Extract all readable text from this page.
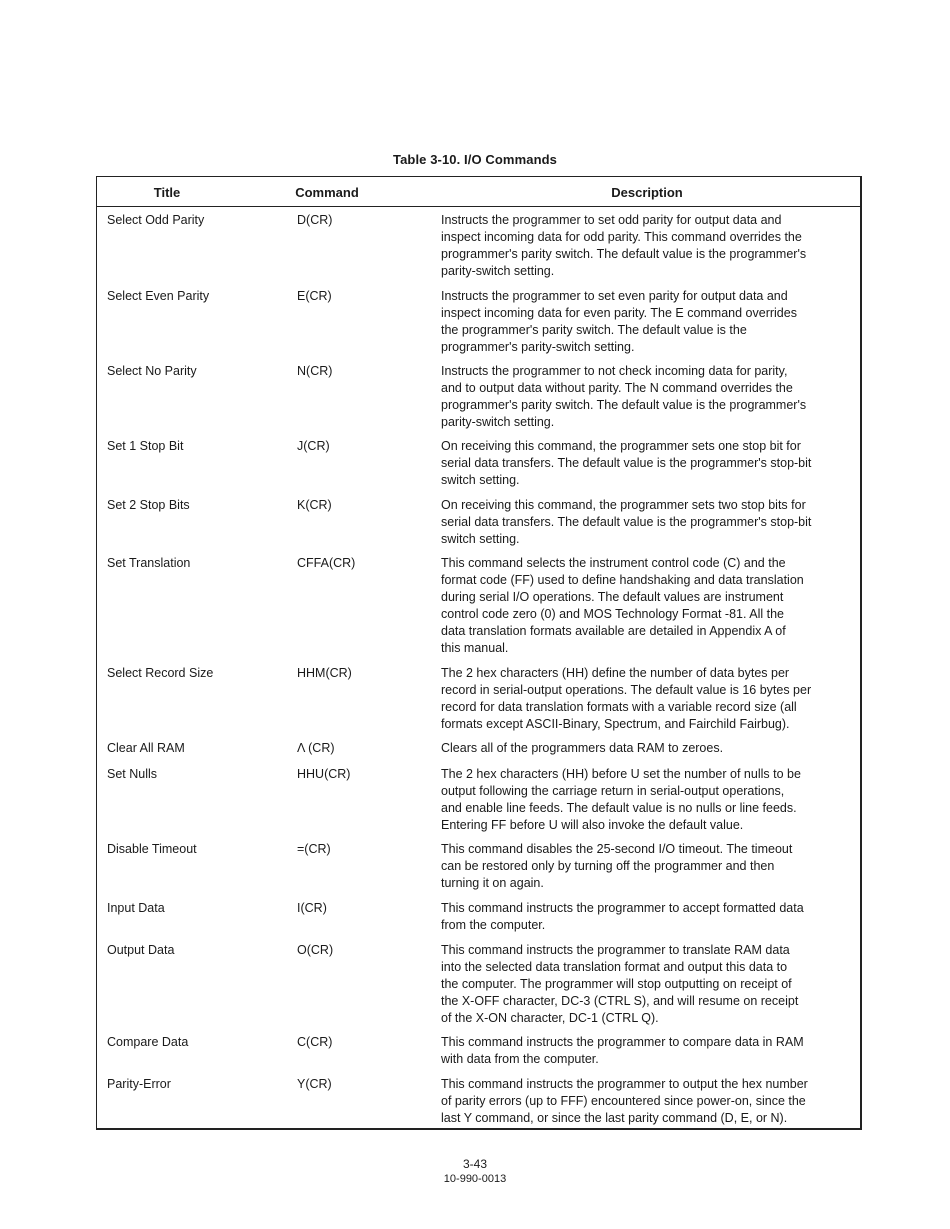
Table 3-10. I/O Commands
Title	Command	Description
Select Odd Parity	D(CR)	Instructs the programmer to set odd parity for output data and
inspect incoming data for odd parity. This command overrides the
programmer's parity switch. The default value is the programmer's
parity-switch setting.
Select Even Parity	E(CR)	Instructs the programmer to set even parity for output data and
inspect incoming data for even parity. The E command overrides
the programmer's parity switch. The default value is the
programmer's parity-switch setting.
Select No Parity	N(CR)	Instructs the programmer to not check incoming data for parity,
and to output data without parity. The N command overrides the
programmer's parity switch. The default value is the programmer's
parity-switch setting.
Set 1 Stop Bit	J(CR)	On receiving this command, the programmer sets one stop bit for
serial data transfers. The default value is the programmer's stop-bit
switch setting.
Set 2 Stop Bits	K(CR)	On receiving this command, the programmer sets two stop bits for
serial data transfers. The default value is the programmer's stop-bit
switch setting.
Set Translation	CFFA(CR)	This command selects the instrument control code (C) and the
format code (FF) used to define handshaking and data translation
during serial I/O operations. The default values are instrument
control code zero (0) and MOS Technology Format -81. All the
data translation formats available are detailed in Appendix A of
this manual.
Select Record Size	HHM(CR)	The 2 hex characters (HH) define the number of data bytes per
record in serial-output operations. The default value is 16 bytes per
record for data translation formats with a variable record size (all
formats except ASCII-Binary, Spectrum, and Fairchild Fairbug).
Clear All RAM	Λ (CR)	Clears all of the programmers data RAM to zeroes.
Set Nulls	HHU(CR)	The 2 hex characters (HH) before U set the number of nulls to be
output following the carriage return in serial-output operations,
and enable line feeds. The default value is no nulls or line feeds.
Entering FF before U will also invoke the default value.
Disable Timeout	=(CR)	This command disables the 25-second I/O timeout. The timeout
can be restored only by turning off the programmer and then
turning it on again.
Input Data	I(CR)	This command instructs the programmer to accept formatted data
from the computer.
Output Data	O(CR)	This command instructs the programmer to translate RAM data
into the selected data translation format and output this data to
the computer. The programmer will stop outputting on receipt of
the X-OFF character, DC-3 (CTRL S), and will resume on receipt
of the X-ON character, DC-1 (CTRL Q).
Compare Data	C(CR)	This command instructs the programmer to compare data in RAM
with data from the computer.
Parity-Error	Y(CR)	This command instructs the programmer to output the hex number
of parity errors (up to FFF) encountered since power-on, since the
last Y command, or since the last parity command (D, E, or N).
3-43
10-990-0013
